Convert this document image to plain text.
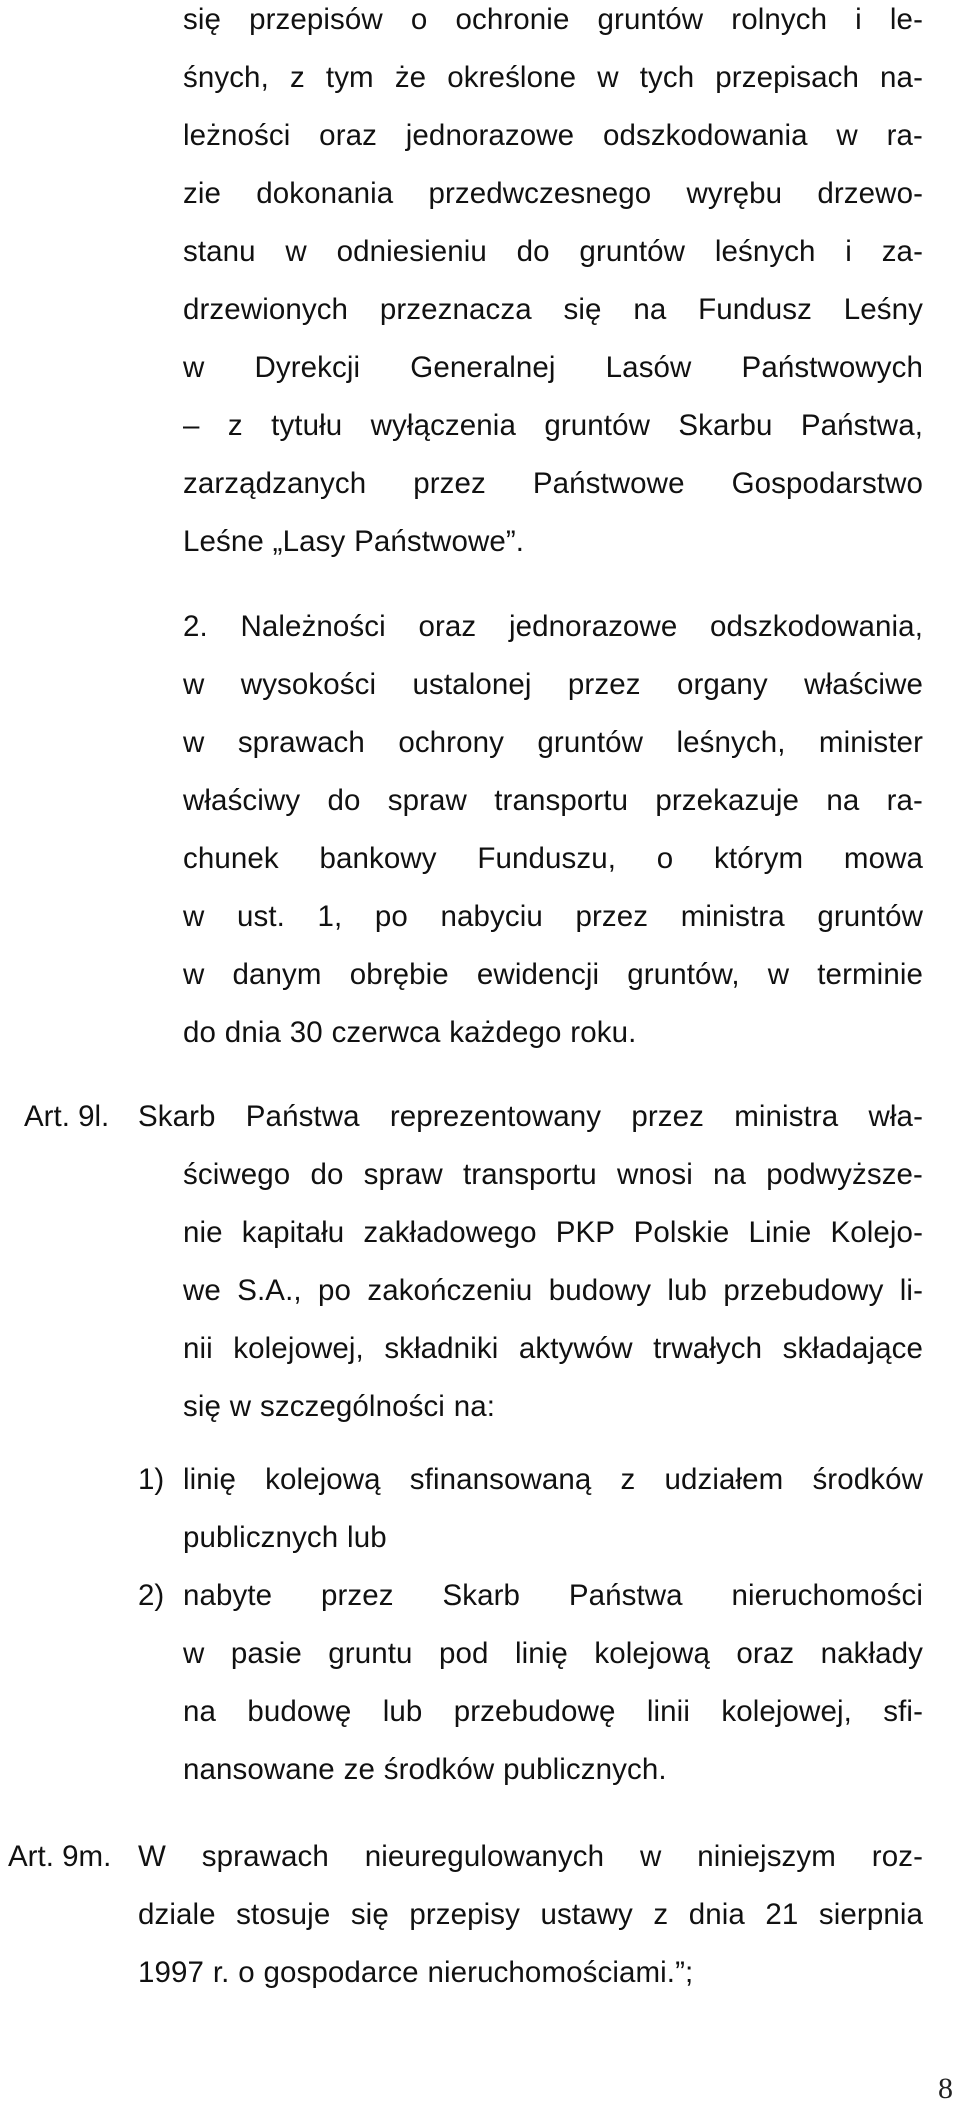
się przepisów o ochronie gruntów rolnych i le-
śnych, z tym że określone w tych przepisach na-
leżności oraz jednorazowe odszkodowania w ra-
zie dokonania przedwczesnego wyrębu drzewo-
stanu w odniesieniu do gruntów leśnych i za-
drzewionych przeznacza się na Fundusz Leśny
w Dyrekcji Generalnej Lasów Państwowych
– z tytułu wyłączenia gruntów Skarbu Państwa,
zarządzanych przez Państwowe Gospodarstwo
Leśne „Lasy Państwowe”.
2. Należności oraz jednorazowe odszkodowania,
w wysokości ustalonej przez organy właściwe
w sprawach ochrony gruntów leśnych, minister
właściwy do spraw transportu przekazuje na ra-
chunek bankowy Funduszu, o którym mowa
w ust. 1, po nabyciu przez ministra gruntów
w danym obrębie ewidencji gruntów, w terminie
do dnia 30 czerwca każdego roku.
Art. 9l. Skarb Państwa reprezentowany przez ministra wła-
ściwego do spraw transportu wnosi na podwyższe-
nie kapitału zakładowego PKP Polskie Linie Kolejo-
we S.A., po zakończeniu budowy lub przebudowy li-
nii kolejowej, składniki aktywów trwałych składające
się w szczególności na:
1) linię kolejową sfinansowaną z udziałem środków
publicznych lub
2) nabyte przez Skarb Państwa nieruchomości
w pasie gruntu pod linię kolejową oraz nakłady
na budowę lub przebudowę linii kolejowej, sfi-
nansowane ze środków publicznych.
Art. 9m. W sprawach nieuregulowanych w niniejszym roz-
dziale stosuje się przepisy ustawy z dnia 21 sierpnia
1997 r. o gospodarce nieruchomościami.”;
8
